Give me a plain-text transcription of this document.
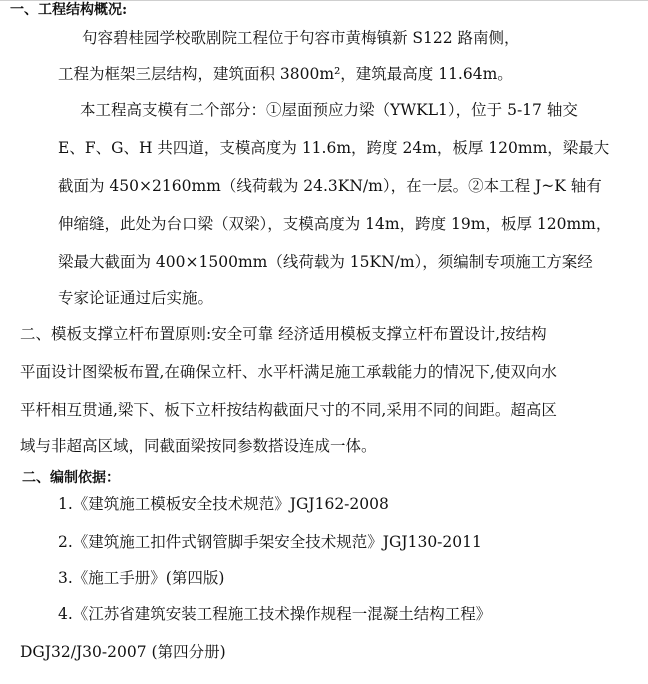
一、工程结构概况:
句容碧桂园学校歌剧院工程位于句容市黄梅镇新 S122 路南侧，
工程为框架三层结构，建筑面积 3800m²，建筑最高度 11.64m。
本工程高支模有二个部分：①屋面预应力梁（YWKL1），位于 5-17 轴交
E、F、G、H 共四道，支模高度为 11.6m，跨度 24m，板厚 120mm，梁最大
截面为 450×2160mm（线荷载为 24.3KN/m），在一层。②本工程 J~K 轴有
伸缩缝，此处为台口梁（双梁），支模高度为 14m，跨度 19m，板厚 120mm，
梁最大截面为 400×1500mm（线荷载为 15KN/m），须编制专项施工方案经
专家论证通过后实施。
二、模板支撑立杆布置原则:安全可靠 经济适用模板支撑立杆布置设计,按结构
平面设计图梁板布置,在确保立杆、水平杆满足施工承载能力的情况下,使双向水
平杆相互贯通,梁下、板下立杆按结构截面尺寸的不同,采用不同的间距。超高区
域与非超高区域，同截面梁按同参数搭设连成一体。
二、编制依据：
1.《建筑施工模板安全技术规范》JGJ162-2008
2.《建筑施工扣件式钢管脚手架安全技术规范》JGJ130-2011
3.《施工手册》(第四版)
4.《江苏省建筑安装工程施工技术操作规程一混凝土结构工程》
DGJ32/J30-2007 (第四分册)
